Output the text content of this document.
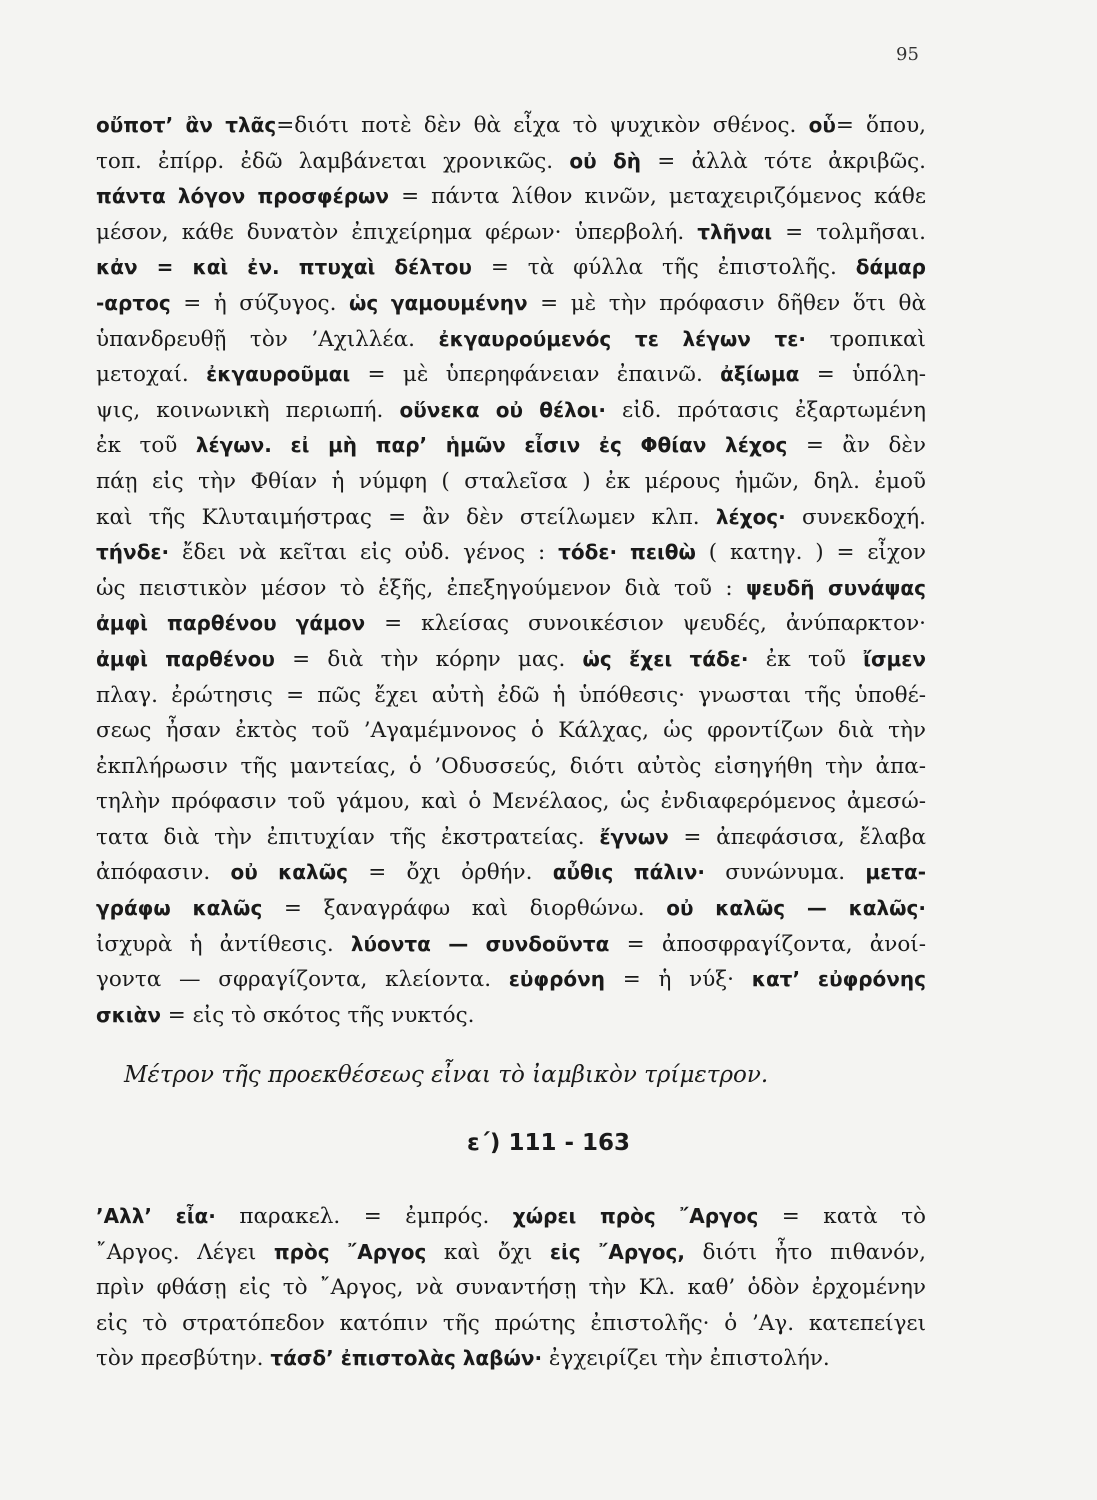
95
οὔποτ’ ἂν τλᾶς=διότι ποτὲ δὲν θὰ εἶχα τὸ ψυχικὸν σθένος. οὗ= ὅπου,
τοπ. ἐπίρρ. ἐδῶ λαμβάνεται χρονικῶς. οὐ δὴ = ἀλλὰ τότε ἀκριβῶς.
πάντα λόγον προσφέρων = πάντα λίθον κινῶν, μεταχειριζόμενος κάθε
μέσον, κάθε δυνατὸν ἐπιχείρημα φέρων· ὑπερβολή. τλῆναι = τολμῆσαι.
κἀν = καὶ ἐν. πτυχαὶ δέλτου = τὰ φύλλα τῆς ἐπιστολῆς. δάμαρ
-αρτος = ἡ σύζυγος. ὡς γαμουμένην = μὲ τὴν πρόφασιν δῆθεν ὅτι θὰ
ὑπανδρευθῇ τὸν ’Αχιλλέα. ἐκγαυρούμενός τε λέγων τε· τροπικαὶ
μετοχαί. ἐκγαυροῦμαι = μὲ ὑπερηφάνειαν ἐπαινῶ. ἀξίωμα = ὑπόλη-
ψις, κοινωνικὴ περιωπή. οὕνεκα οὐ θέλοι· εἰδ. πρότασις ἐξαρτωμένη
ἐκ τοῦ λέγων. εἰ μὴ παρ’ ἡμῶν εἶσιν ἐς Φθίαν λέχος = ἂν δὲν
πάῃ εἰς τὴν Φθίαν ἡ νύμφη ( σταλεῖσα ) ἐκ μέρους ἡμῶν, δηλ. ἐμοῦ
καὶ τῆς Κλυταιμήστρας = ἂν δὲν στείλωμεν κλπ. λέχος· συνεκδοχή.
τήνδε· ἔδει νὰ κεῖται εἰς οὐδ. γένος : τόδε· πειθὼ ( κατηγ. ) = εἶχον
ὡς πειστικὸν μέσον τὸ ἑξῆς, ἐπεξηγούμενον διὰ τοῦ : ψευδῆ συνάψας
ἀμφὶ παρθένου γάμον = κλείσας συνοικέσιον ψευδές, ἀνύπαρκτον·
ἀμφὶ παρθένου = διὰ τὴν κόρην μας. ὡς ἔχει τάδε· ἐκ τοῦ ἴσμεν
πλαγ. ἐρώτησις = πῶς ἔχει αὐτὴ ἐδῶ ἡ ὑπόθεσις· γνωσται τῆς ὑποθέ-
σεως ἦσαν ἐκτὸς τοῦ ’Αγαμέμνονος ὁ Κάλχας, ὡς φροντίζων διὰ τὴν
ἐκπλήρωσιν τῆς μαντείας, ὁ ’Οδυσσεύς, διότι αὐτὸς εἰσηγήθη τὴν ἀπα-
τηλὴν πρόφασιν τοῦ γάμου, καὶ ὁ Μενέλαος, ὡς ἐνδιαφερόμενος ἀμεσώ-
τατα διὰ τὴν ἐπιτυχίαν τῆς ἐκστρατείας. ἔγνων = ἀπεφάσισα, ἔλαβα
ἀπόφασιν. οὐ καλῶς = ὄχι ὀρθήν. αὖθις πάλιν· συνώνυμα. μετα-
γράφω καλῶς = ξαναγράφω καὶ διορθώνω. οὐ καλῶς — καλῶς·
ἰσχυρὰ ἡ ἀντίθεσις. λύοντα — συνδοῦντα = ἀποσφραγίζοντα, ἀνοί-
γοντα — σφραγίζοντα, κλείοντα. εὐφρόνη = ἡ νύξ· κατ’ εὐφρόνης
σκιὰν = εἰς τὸ σκότος τῆς νυκτός.
Μέτρον τῆς προεκθέσεως εἶναι τὸ ἰαμβικὸν τρίμετρον.
ε΄) 111 - 163
’Αλλ’ εἶα· παρακελ. = ἐμπρός. χώρει πρὸς ῎Αργος = κατὰ τὸ
῎Αργος. Λέγει πρὸς ῎Αργος καὶ ὄχι εἰς ῎Αργος, διότι ἦτο πιθανόν,
πρὶν φθάσῃ εἰς τὸ ῎Αργος, νὰ συναντήσῃ τὴν Κλ. καθ’ ὁδὸν ἐρχομένην
εἰς τὸ στρατόπεδον κατόπιν τῆς πρώτης ἐπιστολῆς· ὁ ’Αγ. κατεπείγει
τὸν πρεσβύτην. τάσδ’ ἐπιστολὰς λαβών· ἐγχειρίζει τὴν ἐπιστολήν.
